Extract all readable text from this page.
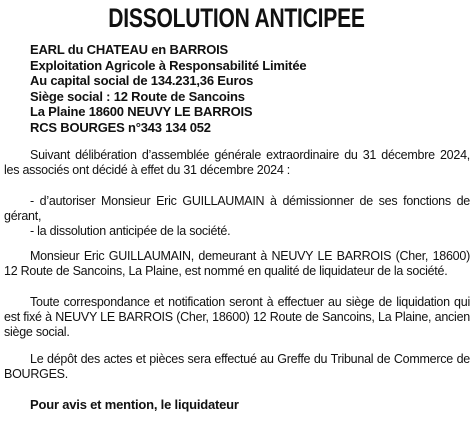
DISSOLUTION ANTICIPEE
EARL du CHATEAU en BARROIS
Exploitation Agricole à Responsabilité Limitée
Au capital social de 134.231,36 Euros
Siège social : 12 Route de Sancoins
La Plaine 18600 NEUVY LE BARROIS
RCS BOURGES n°343 134 052
Suivant délibération d’assemblée générale extraordinaire du 31 décembre 2024, les associés ont décidé à effet du 31 décembre 2024 :
- d’autoriser Monsieur Eric GUILLAUMAIN à démissionner de ses fonctions de gérant,
- la dissolution anticipée de la société.
Monsieur Eric GUILLAUMAIN, demeurant à NEUVY LE BARROIS (Cher, 18600) 12 Route de Sancoins, La Plaine, est nommé en qualité de liquidateur de la société.
Toute correspondance et notification seront à effectuer au siège de liquidation qui est fixé à NEUVY LE BARROIS (Cher, 18600) 12 Route de Sancoins, La Plaine, ancien siège social.
Le dépôt des actes et pièces sera effectué au Greffe du Tribunal de Commerce de BOURGES.
Pour avis et mention, le liquidateur
